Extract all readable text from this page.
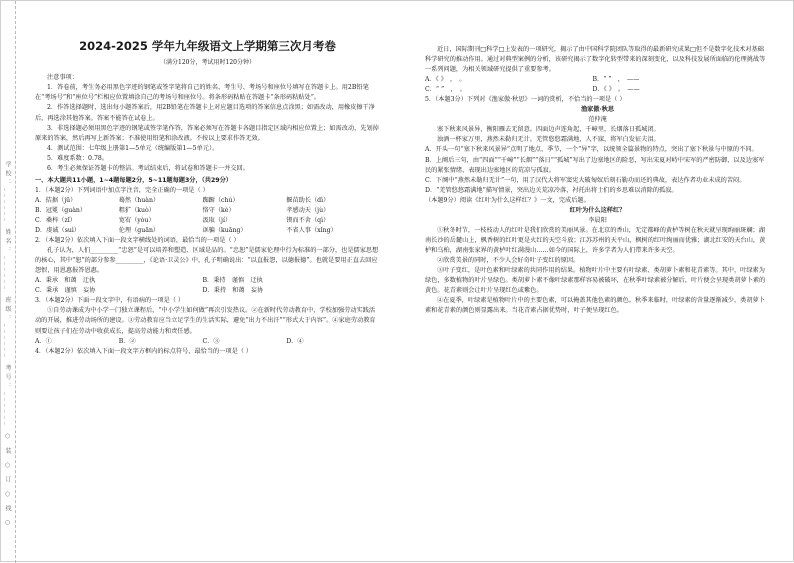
学校：______ 姓名：______ 班级：______ 考号：______ ○ 装 ○ 订 ○ 线 ○
2024-2025 学年九年级语文上学期第三次月考卷
（满分120分，考试用时120分钟）

注意事项：

1．答卷前，考生务必用黑色字迹的钢笔或签字笔将自己的姓名、考生号、考场号和座位号填写在答题卡上。用2B铅笔在“考场号”和“座位号”栏相应位置填涂自己的考场号和座位号。将条形码粘贴在答题卡“条形码粘贴处”。

2．作答选择题时，选出每小题答案后，用2B铅笔在答题卡上对应题目选项的答案信息点涂黑；如需改动，用橡皮擦干净后，再选涂其他答案。答案不能答在试卷上。

3．非选择题必须用黑色字迹的钢笔或签字笔作答，答案必须写在答题卡各题目指定区域内相应位置上；如需改动，先划掉原来的答案，然后再写上新答案；不准使用铅笔和涂改液。不按以上要求作答无效。

4．测试范围：七年级上册第1—5单元（统编版第1—5单元）。

5．难度系数：0.78。

6．考生必须保证答题卡的整洁。考试结束后，将试卷和答题卡一并交回。

一、本大题共11小题，1~4题每题2分，5~11题每题3分，（共29分）

1．（本题2分）下列词语中加点字注音，完全正确的一项是（ ）

A．拮据（jū）	蓦然（huàn）	踟蹰（chú）	揠苗助长（dì）
B．冠冕（guàn）	粗犷（kuò）	恪守（kè）	孝感动天（jù）
C．桑梓（zǐ）	宽宥（yòu）	汲取（jí）	锲而不舍（qì）
D．虔诚（suì）	伦理（guān）	诓骗（kuāng）	不省人事（xǐng）

2．（本题2分）依次填入下面一段文字横线处的词语，最恰当的一项是（ ）

孔子认为，人们_________“忠恕”是可以培养和塑造、区域是品的。“忠恕”是儒家伦理中行为标准的一部分，也是儒家思想的核心，其中“恕”的部分参参_________，《论语·卫灵公》中，孔子明确说出：“以直报怨，以德报德”。也就是要用正直去回应怨恨，用恩惠报答恩惠。

A．秉承　和蔼　迂执	B．秉持　谨慎　迂执
C．秉承　谨慎　妄协	D．秉持　和蔼　妄协

3．（本题2分）下面一段文字中，有语病的一项是（ ）

①自劳动课成为中小学一门独立课程后，“中小学生如何做”再次引发热议。②在新时代劳动教育中，学校加强劳动实践活动的开展，推进劳动场所的建设。③劳动教育应当立足学生的生活实际，避免“出力不出汗”“形式大于内容”。④家庭劳动教育则要让孩子们在劳动中收获成长，提高劳动能力和责任感。

A．①	B．②	C．③	D．④

4．（本题2分）依次填入下面一段文字方框内的标点符号，最恰当的一项是（ ）

近日，国际期刊□科学□上发表的一项研究，揭示了由中国科学院团队等取得的最新研究成果□但不是数字化技术对基础科学研究的推动作用。通过对典型案例的分析，该研究揭示了数字化转型带来的深刻变化，以及科技发展所面临的伦理挑战等一系列问题，为相关领域研究提供了重要参考。

A．《 》　，　。	B．“ ”　，　——
C．“ ”　，　。	D．《 》　。　——

5．（本题3分）下列对《渔家傲·秋思》一词的赏析，不恰当的一项是（ ）

渔家傲·秋思
范仲淹

塞下秋来风景异，衡阳雁去无留意。四面边声连角起，千嶂里，长烟落日孤城闭。

浊酒一杯家万里，燕然未勒归无计。羌管悠悠霜满地，人不寐，将军白发征夫泪。

A．开头一句“塞下秋来风景异”点明了地点、季节，一个“异”字，以统领全篇景物的特点，突出了塞下秋景与中原的不同。

B．上阕后三句，由“四面”“千嶂”“长烟”“落日”“孤城”写出了边塞地区的险恶，写出宋夏对峙中宋军的严密防御，以及边塞军民的紧张情绪，表现出边塞地区的荒凉与孤寂。

C．下阕中“燕然未勒归无计”一句，用了汉代大将军窦宪大破匈奴后刻石勒功而还的典故，表达作者功业未成的苦闷。

D．“羌管悠悠霜满地”描写情景，突出边关荒凉冷落，衬托出将士们的乡思难以消除的孤寂。

（本题9分）阅读《红叶为什么这样红？》一文，完成后题。

红叶为什么这样红？
李晨阳

①秋冬时节，一枝枝动人的红叶是我们欣赏的美丽风景。在北京的香山，无定都峰的黄栌等树在秋天就呈现绚丽斑斓；湖南长沙的岳麓山上，枫香树的红叶更是火红的天空斗放；江苏苏州的天平山，枫树的红叶绚丽而优雅；湖北红安的天台山，黄栌和乌桕，湖南张家界的黄栌叶红满漫山……如今的国际上，许多学者为人们带来许多天空。

②欣赏美景的同时，不少人会好奇叶子变红的原因。

③叶子变红，是叶色素和叶绿素的共同作用的结果。植物叶片中主要有叶绿素、类胡萝卜素和花青素等。其中，叶绿素为绿色，多数植物的叶片呈绿色。类胡萝卜素不像叶绿素那样容易被破坏，在秋季叶绿素被分解后，叶片便会呈现类胡萝卜素的黄色。花青素则会让叶片呈现红色或紫色。

④在夏季，叶绿素是植物叶片中的主要色素，可以掩盖其他色素的颜色。秋季来临时，叶绿素的含量逐渐减少，类胡萝卜素和花青素的颜色则显露出来。当花青素占据优势时，叶子便呈现红色。
